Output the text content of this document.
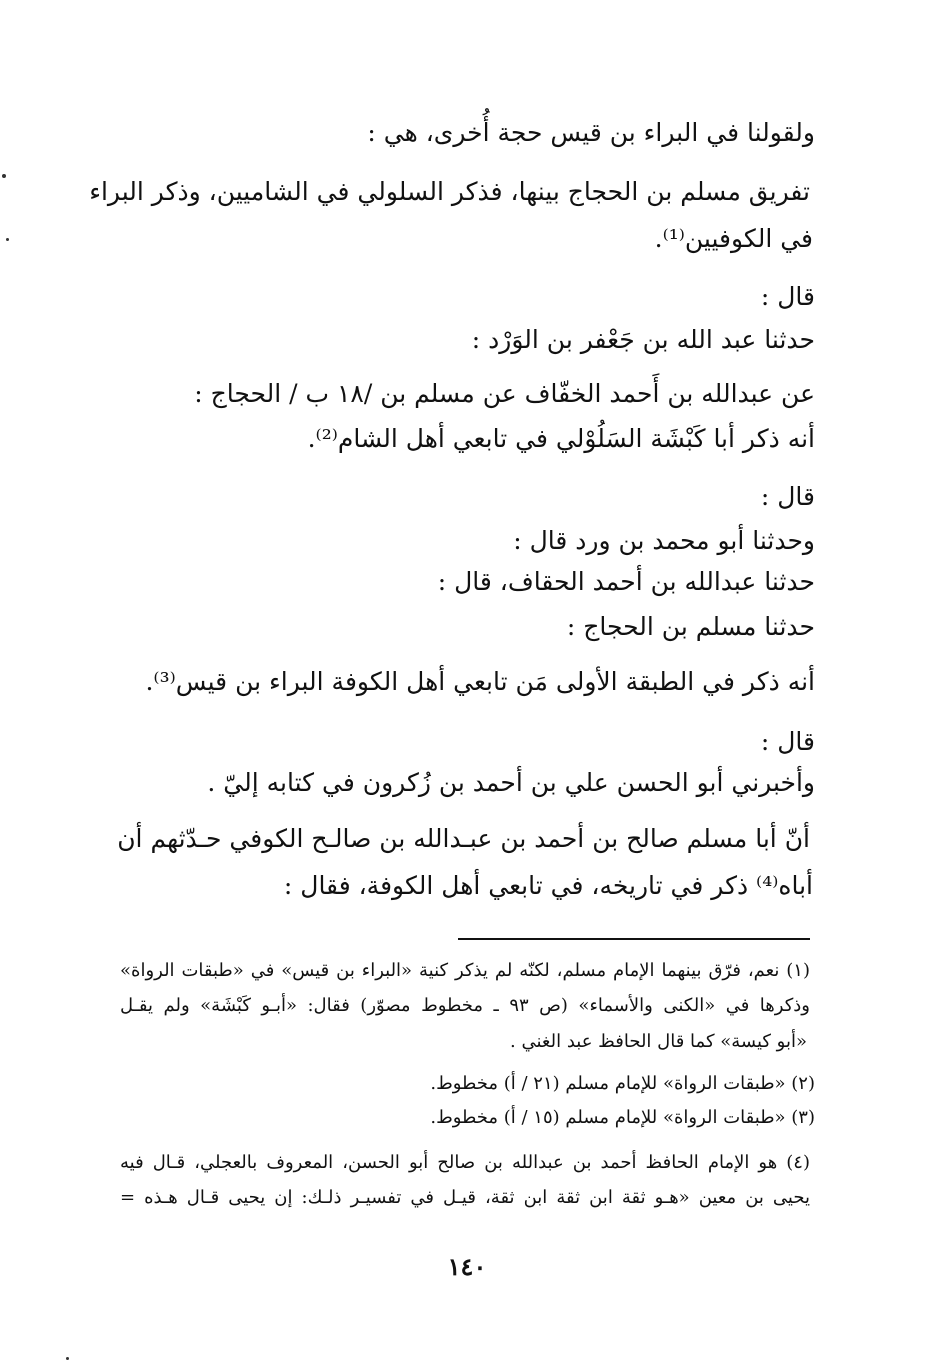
ولقولنا في البراء بن قيس حجة أُخرى، هي :
تفريق مسلم بن الحجاج بينها، فذكر السلولي في الشاميين، وذكر البراء
في الكوفيين⁽¹⁾.
قال :
حدثنا عبد الله بن جَعْفر بن الوَرْد :
عن عبدالله بن أَحمد الخفّاف عن مسلم بن /١٨ ب / الحجاج :
أنه ذكر أبا كَبْشَة السَلُوْلي في تابعي أهل الشام⁽²⁾.
قال :
وحدثنا أبو محمد بن ورد قال :
حدثنا عبدالله بن أحمد الحقاف، قال :
حدثنا مسلم بن الحجاج :
أنه ذكر في الطبقة الأولى مَن تابعي أهل الكوفة البراء بن قيس⁽³⁾.
قال :
وأخبرني أبو الحسن علي بن أحمد بن زُكرون في كتابه إليّ .
أنّ أبا مسلم صالح بن أحمد بن عبـدالله بن صالـح الكوفي حـدّثهم أن
أباه⁽⁴⁾ ذكر في تاريخه، في تابعي أهل الكوفة، فقال :
(١) نعم، فرّق بينهما الإمام مسلم، لكنّه لم يذكر كنية «البراء بن قيس» في «طبقات الرواة»
وذكرها في «الكنى والأسماء» (ص ٩٣ ـ مخطوط مصوّر) فقال: «أبـو كَبْشَة» ولم يقـل
«أبو كيسة» كما قال الحافظ عبد الغني .
(٢) «طبقات الرواة» للإمام مسلم (٢١ / أ) مخطوط.
(٣) «طبقات الرواة» للإمام مسلم (١٥ / أ) مخطوط.
(٤) هو الإمام الحافظ أحمد بن عبدالله بن صالح أبو الحسن، المعروف بالعجلي، قـال فيه
يحيى بن معين «هـو ثقة ابن ثقة ابن ثقة، قيـل في تفسيـر ذلـك: إن يحيى قـال هـذه =
١٤٠
